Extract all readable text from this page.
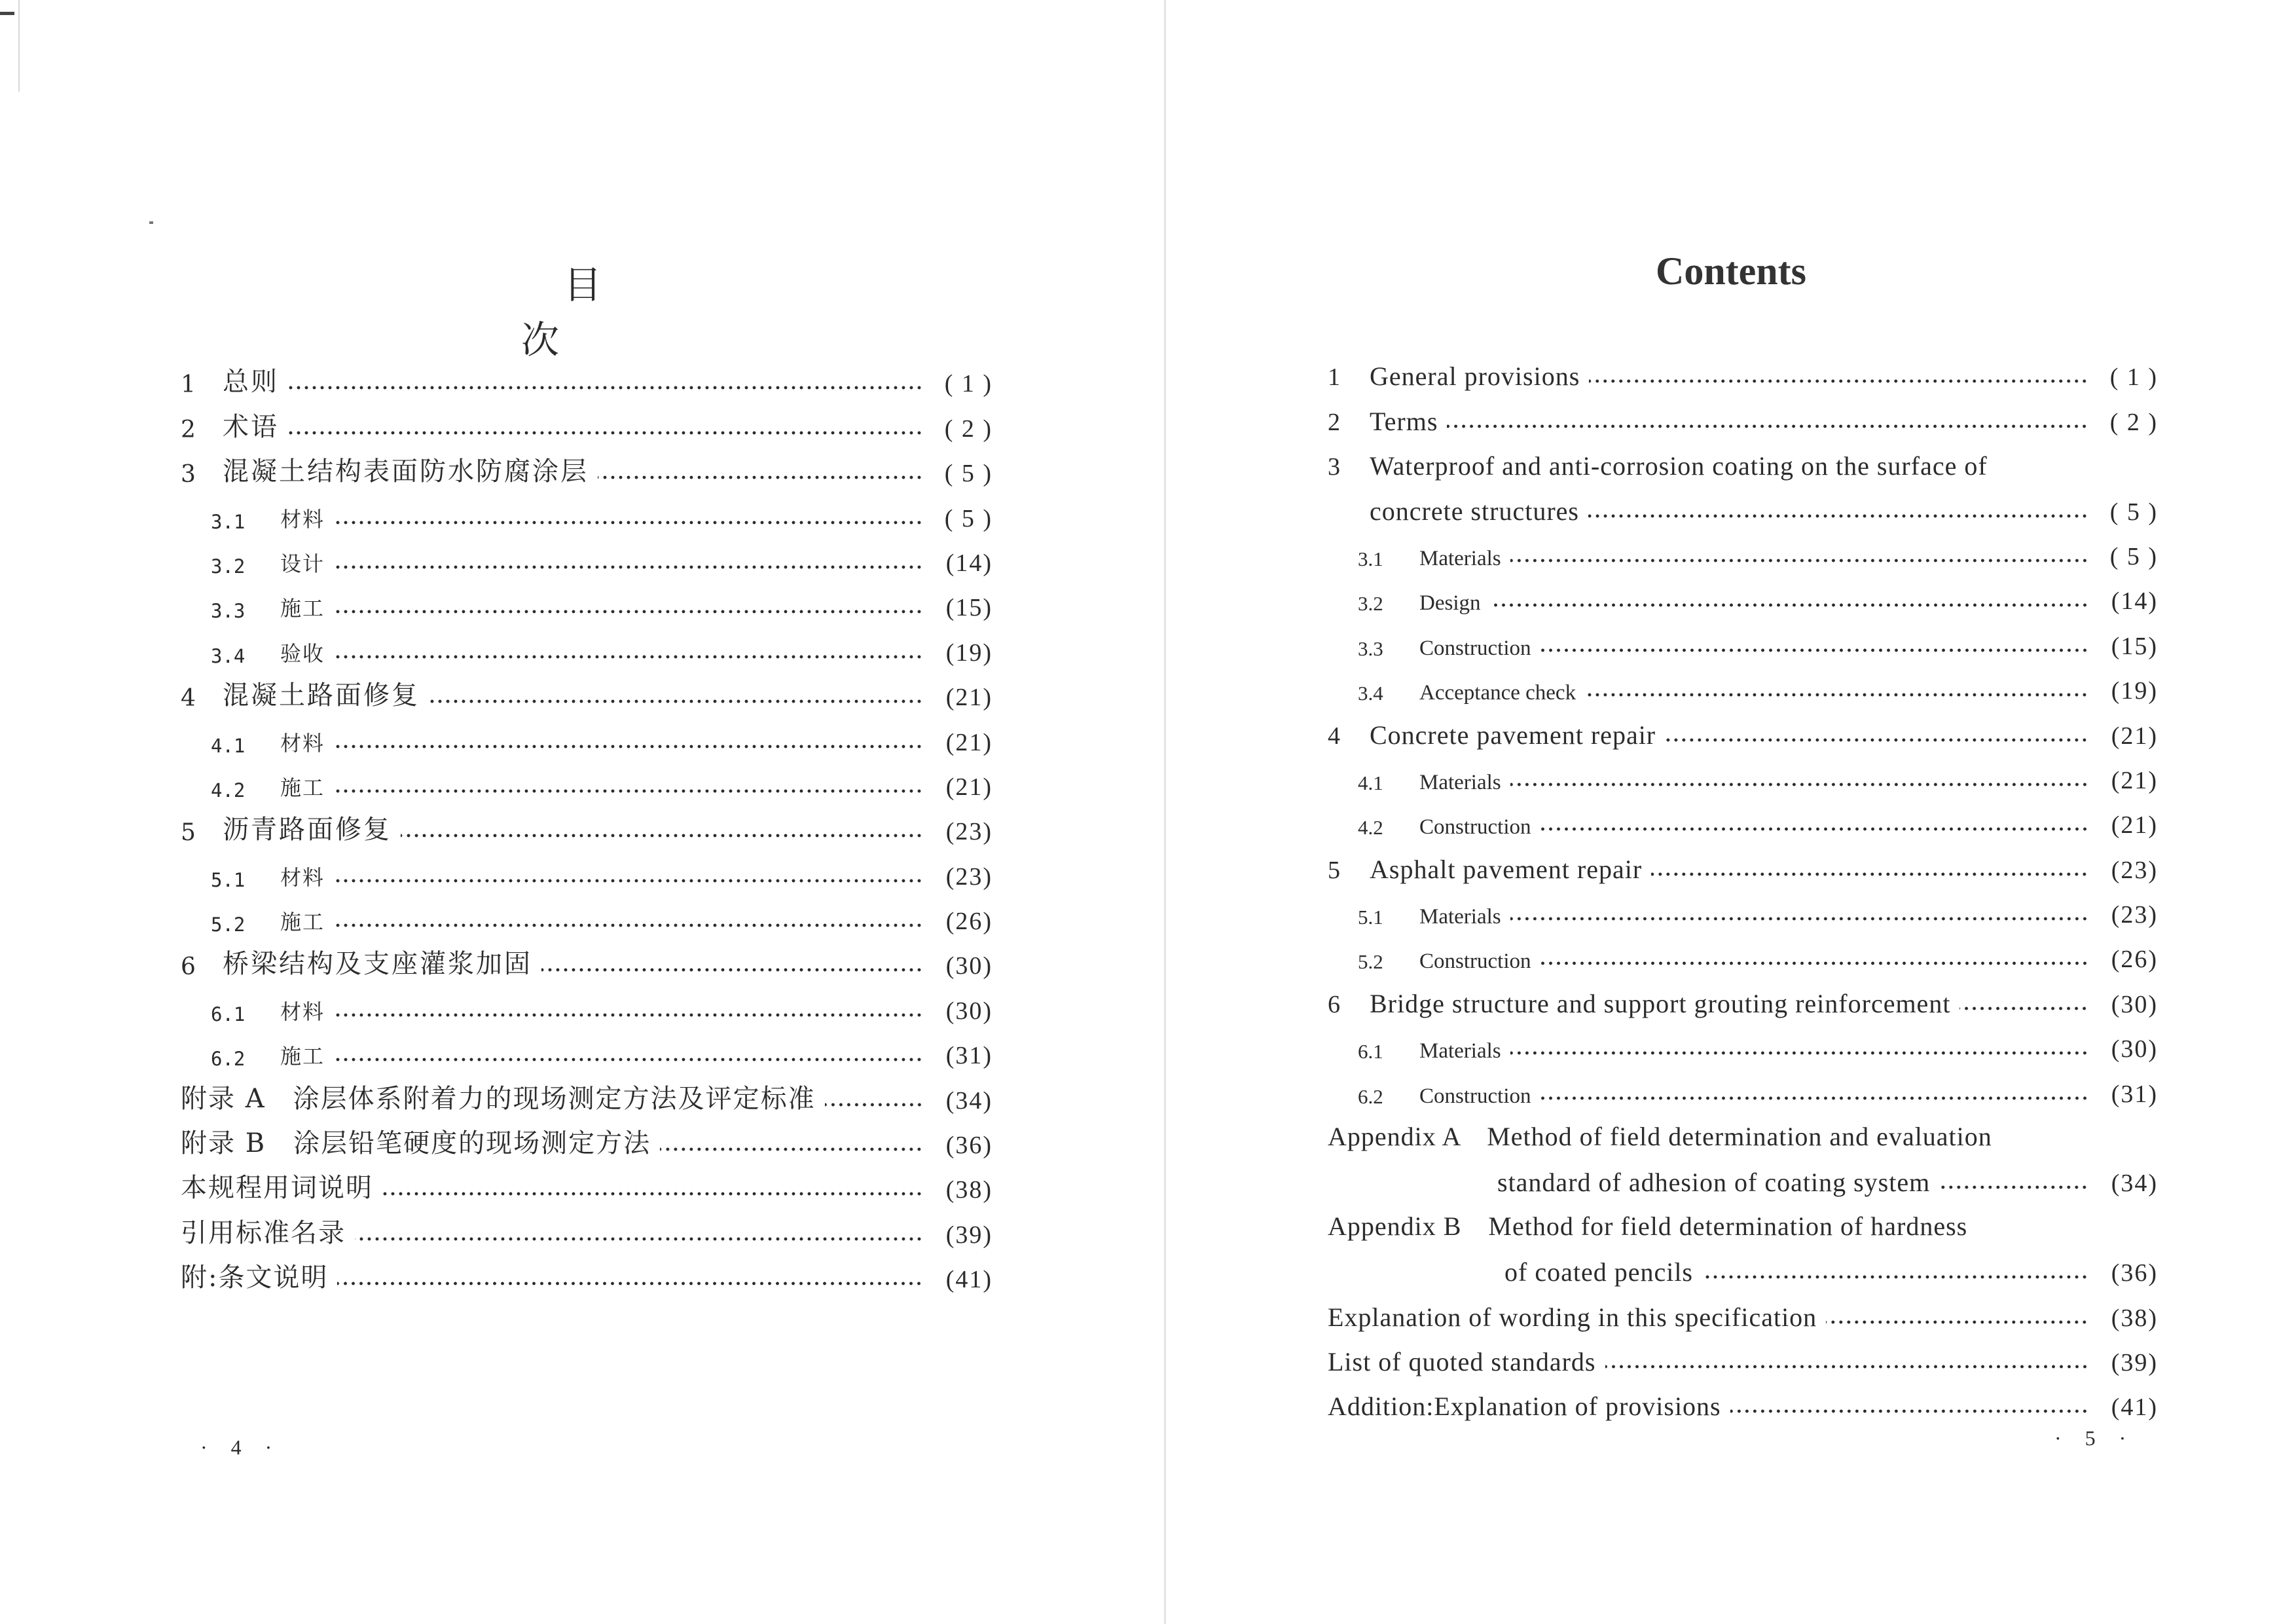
目 次
1	总则	( 1 )
2	术语	( 2 )
3	混凝土结构表面防水防腐涂层	( 5 )
3.1	材料	( 5 )
3.2	设计	(14)
3.3	施工	(15)
3.4	验收	(19)
4	混凝土路面修复	(21)
4.1	材料	(21)
4.2	施工	(21)
5	沥青路面修复	(23)
5.1	材料	(23)
5.2	施工	(26)
6	桥梁结构及支座灌浆加固	(30)
6.1	材料	(30)
6.2	施工	(31)
附录 A　涂层体系附着力的现场测定方法及评定标准	(34)
附录 B　涂层铅笔硬度的现场测定方法	(36)
本规程用词说明	(38)
引用标准名录	(39)
附:条文说明	(41)
· 4 ·
Contents
1	General provisions	( 1 )
2	Terms	( 2 )
3	Waterproof and anti-corrosion coating on the surface of
concrete structures	( 5 )
3.1	Materials	( 5 )
3.2	Design	(14)
3.3	Construction	(15)
3.4	Acceptance check	(19)
4	Concrete pavement repair	(21)
4.1	Materials	(21)
4.2	Construction	(21)
5	Asphalt pavement repair	(23)
5.1	Materials	(23)
5.2	Construction	(26)
6	Bridge structure and support grouting reinforcement	(30)
6.1	Materials	(30)
6.2	Construction	(31)
Appendix A　Method of field determination and evaluation
standard of adhesion of coating system	(34)
Appendix B　Method for field determination of hardness
of coated pencils	(36)
Explanation of wording in this specification	(38)
List of quoted standards	(39)
Addition:Explanation of provisions	(41)
· 5 ·
